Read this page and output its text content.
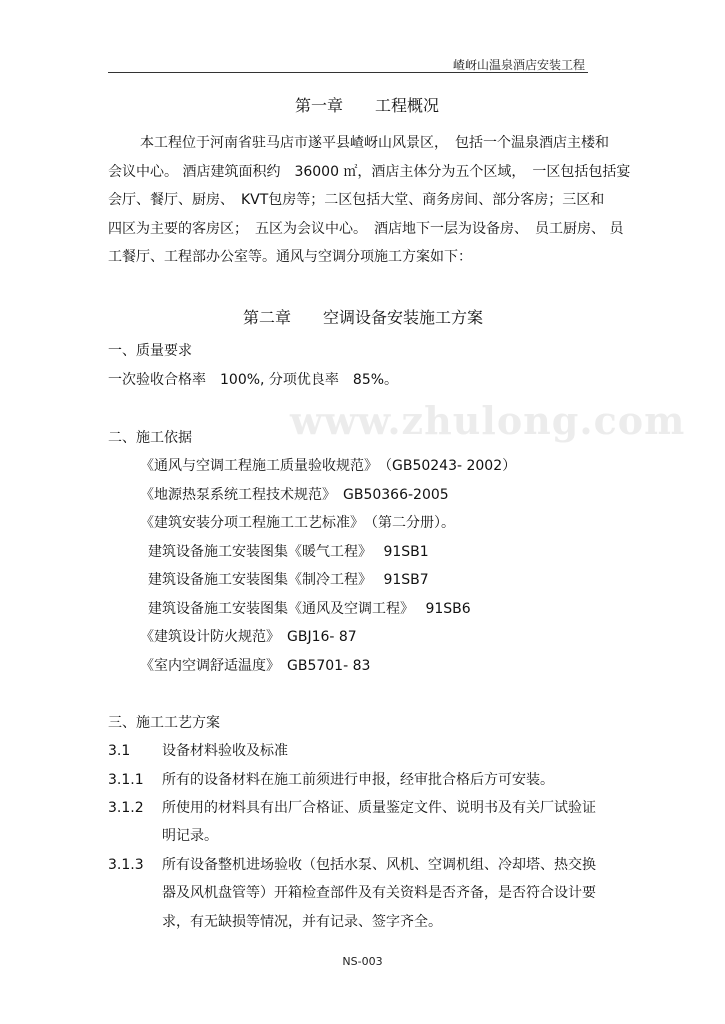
嵖岈山温泉酒店安装工程
第一章　　工程概况
本工程位于河南省驻马店市遂平县嵖岈山风景区，　包括一个温泉酒店主楼和
会议中心。 酒店建筑面积约　36000 ㎡，酒店主体分为五个区域，　一区包括包括宴
会厅、餐厅、厨房、　KVT包房等；二区包括大堂、商务房间、部分客房；三区和
四区为主要的客房区；　五区为会议中心。　酒店地下一层为设备房、　员工厨房、 员
工餐厅、工程部办公室等。通风与空调分项施工方案如下：
第二章　　空调设备安装施工方案
一、质量要求
一次验收合格率　100%, 分项优良率　85%。
www.zhulong.com
二、施工依据
《通风与空调工程施工质量验收规范》　（GB50243- 2002）
《地源热泵系统工程技术规范》　GB50366-2005
《建筑安装分项工程施工工艺标准》　（第二分册）。
建筑设备施工安装图集《暖气工程》　 91SB1
建筑设备施工安装图集《制冷工程》　 91SB7
建筑设备施工安装图集《通风及空调工程》　 91SB6
《建筑设计防火规范》　GBJ16- 87
《室内空调舒适温度》　GB5701- 83
三、施工工艺方案
3.1 设备材料验收及标准
3.1.1 所有的设备材料在施工前须进行申报，经审批合格后方可安装。
3.1.2 所使用的材料具有出厂合格证、质量鉴定文件、说明书及有关厂试验证
明记录。
3.1.3 所有设备整机进场验收（包括水泵、风机、空调机组、冷却塔、热交换
器及风机盘管等）开箱检查部件及有关资料是否齐备，是否符合设计要
求，有无缺损等情况，并有记录、签字齐全。
NS-003
